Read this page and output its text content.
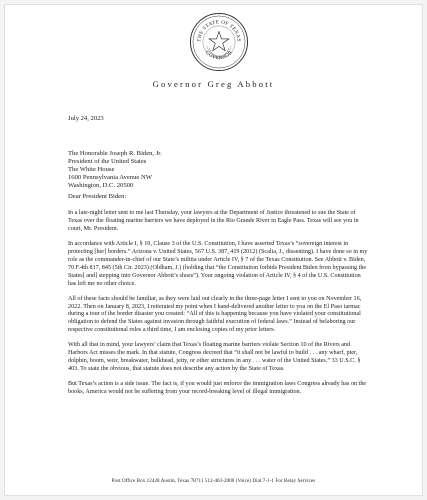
THE STATE OF TEXAS
GOVERNOR
Governor Greg Abbott
July 24, 2023
The Honorable Joseph R. Biden, Jr.
President of the United States
The White House
1600 Pennsylvania Avenue NW
Washington, D.C. 20500
Dear President Biden:

In a late-night letter sent to me last Thursday, your lawyers at the Department of Justice threatened to sue the State of Texas over the floating marine barriers we have deployed in the Rio Grande River in Eagle Pass. Texas will see you in court, Mr. President.

In accordance with Article I, § 10, Clause 3 of the U.S. Constitution, I have asserted Texas’s “sovereign interest in protecting [her] borders.” Arizona v. United States, 567 U.S. 387, 419 (2012) (Scalia, J., dissenting). I have done so in my role as the commander-in-chief of our State’s militia under Article IV, § 7 of the Texas Constitution. See Abbott v. Biden, 70 F.4th 817, 845 (5th Cir. 2023) (Oldham, J.) (holding that “the Constitution forbids President Biden from bypassing the States[ and] stepping into Governor Abbott’s shoes”). Your ongoing violation of Article IV, § 4 of the U.S. Constitution has left me no other choice.

All of these facts should be familiar, as they were laid out clearly in the three-page letter I sent to you on November 16, 2022. Then on January 8, 2023, I reiterated my point when I hand-delivered another letter to you on the El Paso tarmac during a tour of the border disaster you created: “All of this is happening because you have violated your constitutional obligation to defend the States against invasion through faithful execution of federal laws.” Instead of belaboring our respective constitutional roles a third time, I am enclosing copies of my prior letters.

With all that in mind, your lawyers’ claim that Texas’s floating marine barriers violate Section 10 of the Rivers and Harbors Act misses the mark. In that statute, Congress decreed that “it shall not be lawful to build . . . any wharf, pier, dolphin, boom, weir, breakwater, bulkhead, jetty, or other structures in any . . . water of the United States.” 33 U.S.C. § 403. To state the obvious, that statute does not describe any action by the State of Texas.

But Texas’s action is a side issue. The fact is, if you would just enforce the immigration laws Congress already has on the books, America would not be suffering from your record-breaking level of illegal immigration.

Post Office Box 12428 Austin, Texas 78711 512-463-2000 (Voice) Dial 7-1-1 For Relay Services
